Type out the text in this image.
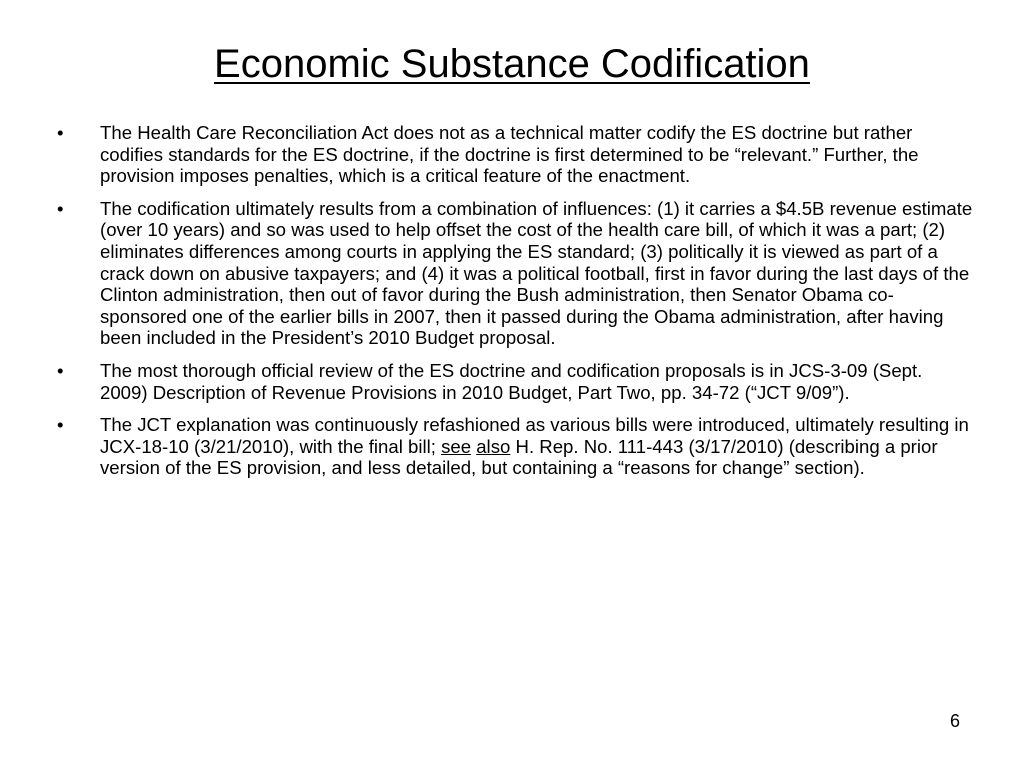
Economic Substance Codification
•	The Health Care Reconciliation Act does not as a technical matter codify the ES doctrine but rather codifies standards for the ES doctrine, if the doctrine is first determined to be “relevant.” Further, the provision imposes penalties, which is a critical feature of the enactment.
•	The codification ultimately results from a combination of influences: (1) it carries a $4.5B revenue estimate (over 10 years) and so was used to help offset the cost of the health care bill, of which it was a part; (2) eliminates differences among courts in applying the ES standard; (3) politically it is viewed as part of a crack down on abusive taxpayers; and (4) it was a political football, first in favor during the last days of the Clinton administration, then out of favor during the Bush administration, then Senator Obama co-sponsored one of the earlier bills in 2007, then it passed during the Obama administration, after having been included in the President’s 2010 Budget proposal.
•	The most thorough official review of the ES doctrine and codification proposals is in JCS-3-09 (Sept. 2009) Description of Revenue Provisions in 2010 Budget, Part Two, pp. 34-72 (“JCT 9/09”).
•	The JCT explanation was continuously refashioned as various bills were introduced, ultimately resulting in JCX-18-10 (3/21/2010), with the final bill; see also H. Rep. No. 111-443 (3/17/2010) (describing a prior version of the ES provision, and less detailed, but containing a “reasons for change” section).
6
